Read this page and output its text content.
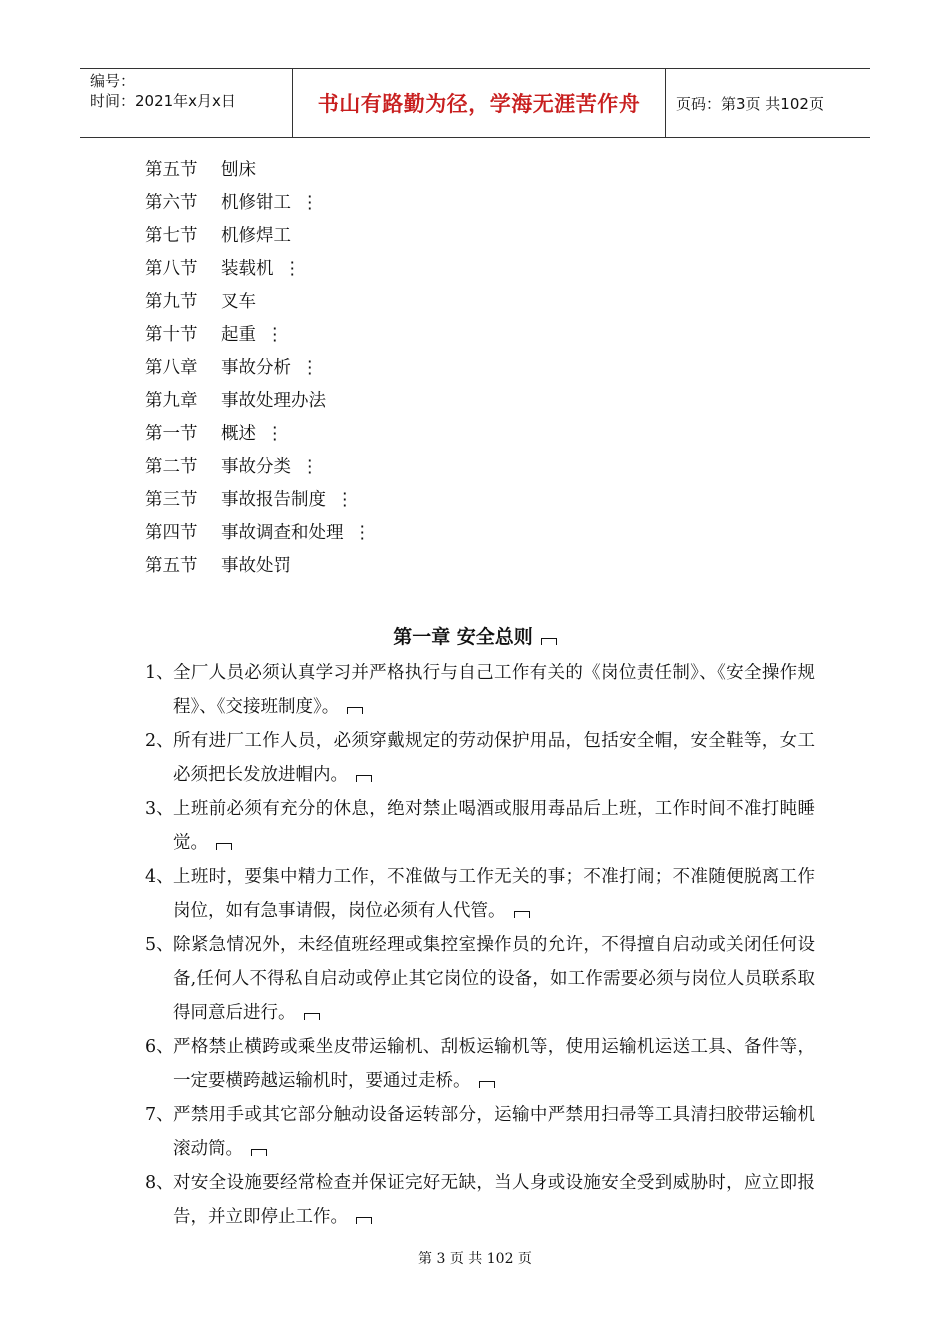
编号：
时间：2021年x月x日	书山有路勤为径，学海无涯苦作舟	页码：第3页 共102页
第五节 刨床
第六节 机修钳工 ⋮
第七节 机修焊工
第八节 装载机 ⋮
第九节 叉车
第十节 起重 ⋮
第八章 事故分析 ⋮
第九章 事故处理办法
第一节 概述 ⋮
第二节 事故分类 ⋮
第三节 事故报告制度 ⋮
第四节 事故调查和处理 ⋮
第五节 事故处罚
第一章 安全总则
1、 全厂人员必须认真学习并严格执行与自己工作有关的《岗位责任制》、《安全操作规程》、《交接班制度》。
2、 所有进厂工作人员，必须穿戴规定的劳动保护用品，包括安全帽，安全鞋等，女工必须把长发放进帽内。
3、 上班前必须有充分的休息，绝对禁止喝酒或服用毒品后上班，工作时间不准打盹睡觉。
4、 上班时，要集中精力工作，不准做与工作无关的事；不准打闹；不准随便脱离工作岗位，如有急事请假，岗位必须有人代管。
5、 除紧急情况外，未经值班经理或集控室操作员的允许，不得擅自启动或关闭任何设备,任何人不得私自启动或停止其它岗位的设备，如工作需要必须与岗位人员联系取得同意后进行。
6、 严格禁止横跨或乘坐皮带运输机、刮板运输机等，使用运输机运送工具、备件等，一定要横跨越运输机时，要通过走桥。
7、 严禁用手或其它部分触动设备运转部分，运输中严禁用扫帚等工具清扫胶带运输机滚动筒。
8、 对安全设施要经常检查并保证完好无缺，当人身或设施安全受到威胁时，应立即报告，并立即停止工作。
第 3 页 共 102 页
